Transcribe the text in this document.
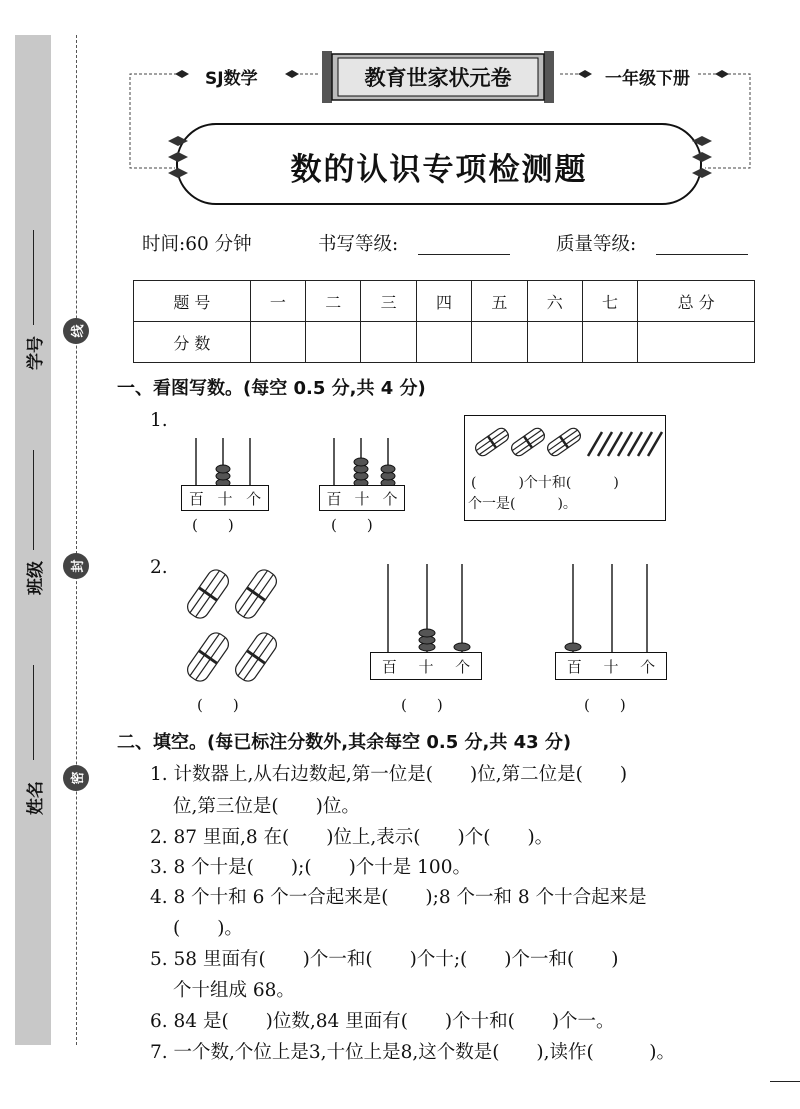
学号
班级
姓名
线
封
密
SJ数学	一年级下册
教育世家状元卷
数的认识专项检测题
时间:60 分钟	书写等级:	质量等级:
题 号	一	二	三	四	五	六	七	总 分
分 数								
一、看图写数。(每空 0.5 分,共 4 分)
1.
百 十 个
(　　)
百 十 个
(　　)
(　　　)个十和(　　　)
个一是(　　　)。
2.
(　　)
百 十 个
(　　)
百 十 个
(　　)
二、填空。(每已标注分数外,其余每空 0.5 分,共 43 分)
1. 计数器上,从右边数起,第一位是(　　)位,第二位是(　　)
位,第三位是(　　)位。
2. 87 里面,8 在(　　)位上,表示(　　)个(　　)。
3. 8 个十是(　　);(　　)个十是 100。
4. 8 个十和 6 个一合起来是(　　);8 个一和 8 个十合起来是
(　　)。
5. 58 里面有(　　)个一和(　　)个十;(　　)个一和(　　)
个十组成 68。
6. 84 是(　　)位数,84 里面有(　　)个十和(　　)个一。
7. 一个数,个位上是3,十位上是8,这个数是(　　),读作(　　　)。
